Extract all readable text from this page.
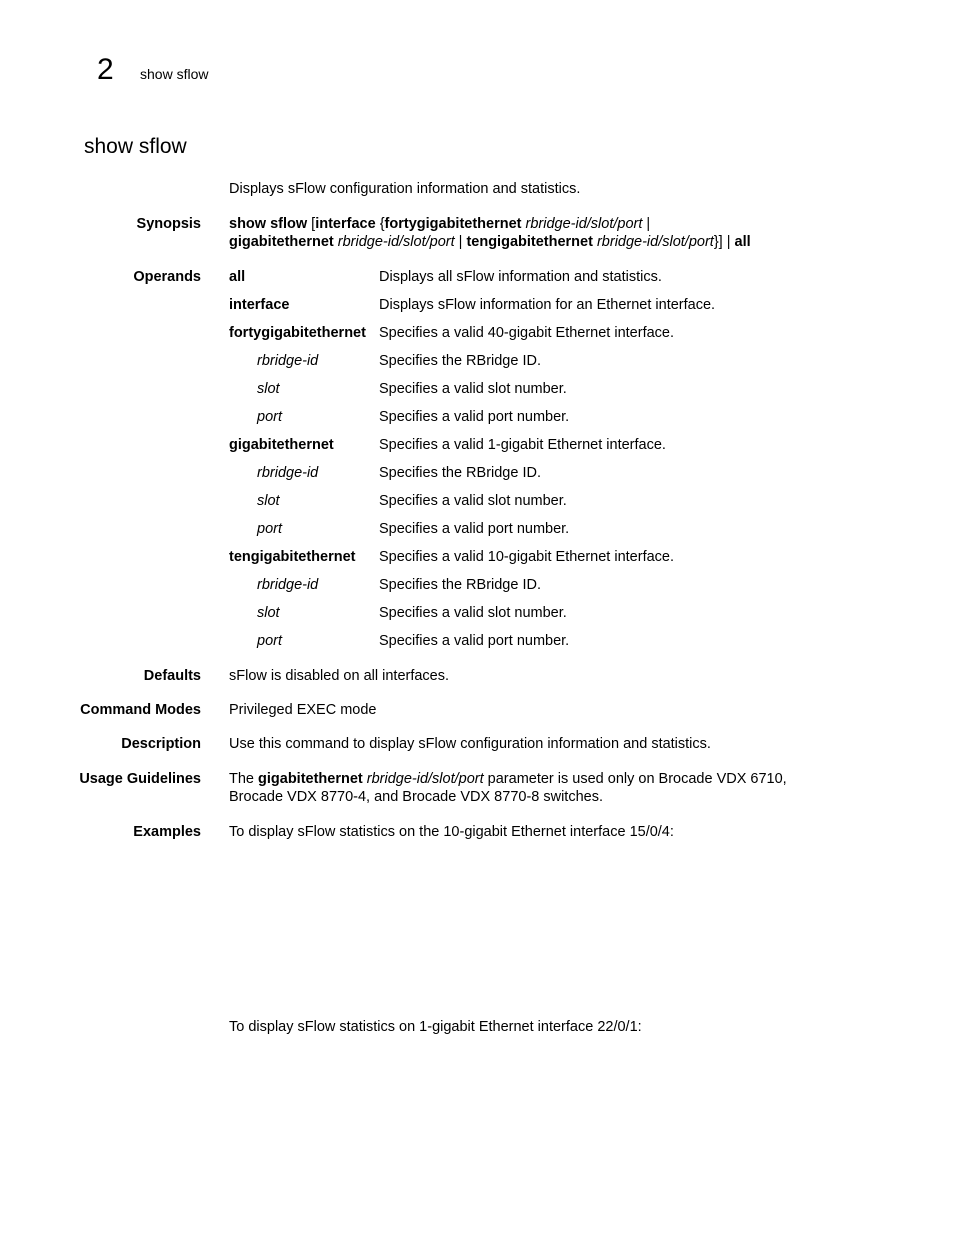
2 show sflow
show sflow
Displays sFlow configuration information and statistics.
Synopsis show sflow [interface {fortygigabitethernet rbridge-id/slot/port |
gigabitethernet rbridge-id/slot/port | tengigabitethernet rbridge-id/slot/port}] | all
Operands all	Displays all sFlow information and statistics.
interface	Displays sFlow information for an Ethernet interface.
fortygigabitethernet Specifies a valid 40-gigabit Ethernet interface.
rbridge-id	Specifies the RBridge ID.
slot	Specifies a valid slot number.
port	Specifies a valid port number.
gigabitethernet	Specifies a valid 1-gigabit Ethernet interface.
rbridge-id	Specifies the RBridge ID.
slot	Specifies a valid slot number.
port	Specifies a valid port number.
tengigabitethernet Specifies a valid 10-gigabit Ethernet interface.
rbridge-id	Specifies the RBridge ID.
slot	Specifies a valid slot number.
port	Specifies a valid port number.
Defaults sFlow is disabled on all interfaces.
Command Modes Privileged EXEC mode
Description Use this command to display sFlow configuration information and statistics.
Usage Guidelines The gigabitethernet rbridge-id/slot/port parameter is used only on Brocade VDX 6710,
Brocade VDX 8770-4, and Brocade VDX 8770-8 switches.
Examples To display sFlow statistics on the 10-gigabit Ethernet interface 15/0/4:
To display sFlow statistics on 1-gigabit Ethernet interface 22/0/1:
